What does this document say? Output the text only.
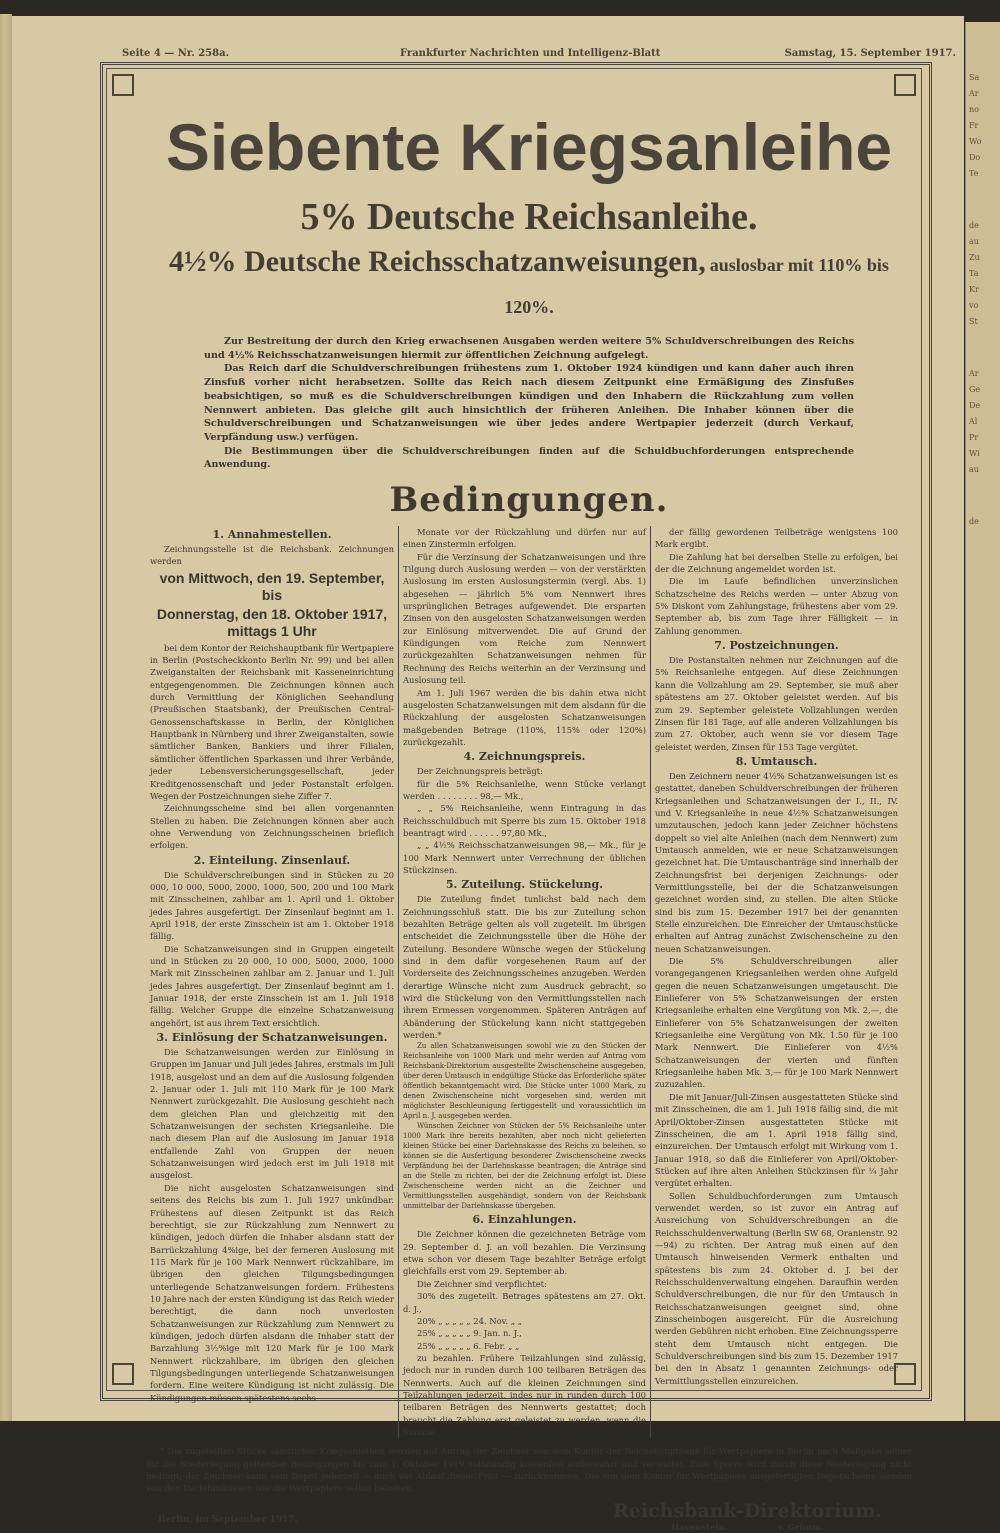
Sa
Ar
no
Fr
Wo
Do
Te
de
au
Zu
Ta
Kr
vo
St
Ar
Ge
De
Al
Pr
Wi
au
de
Seite 4 — Nr. 258a.	Frankfurter Nachrichten und Intelligenz-Blatt	Samstag, 15. September 1917.
Siebente Kriegsanleihe
5% Deutsche Reichsanleihe.
4½% Deutsche Reichsschatzanweisungen, auslosbar mit 110% bis 120%.

Zur Bestreitung der durch den Krieg erwachsenen Ausgaben werden weitere 5% Schuldverschreibungen des Reichs und 4½% Reichsschatzanweisungen hiermit zur öffentlichen Zeichnung aufgelegt.

Das Reich darf die Schuldverschreibungen frühestens zum 1. Oktober 1924 kündigen und kann daher auch ihren Zinsfuß vorher nicht herabsetzen. Sollte das Reich nach diesem Zeitpunkt eine Ermäßigung des Zinsfußes beabsichtigen, so muß es die Schuldverschreibungen kündigen und den Inhabern die Rückzahlung zum vollen Nennwert anbieten. Das gleiche gilt auch hinsichtlich der früheren Anleihen. Die Inhaber können über die Schuldverschreibungen und Schatzanweisungen wie über jedes andere Wertpapier jederzeit (durch Verkauf, Verpfändung usw.) verfügen.

Die Bestimmungen über die Schuldverschreibungen finden auf die Schuldbuchforderungen entsprechende Anwendung.

Bedingungen.
1. Annahmestellen.

Zeichnungsstelle ist die Reichsbank. Zeichnungen werden

von Mittwoch, den 19. September, bis

Donnerstag, den 18. Oktober 1917, mittags 1 Uhr

bei dem Kontor der Reichshauptbank für Wertpapiere in Berlin (Postscheckkonto Berlin Nr. 99) und bei allen Zweiganstalten der Reichsbank mit Kasseneinrichtung entgegengenommen. Die Zeichnungen können auch durch Vermittlung der Königlichen Seehandlung (Preußischen Staatsbank), der Preußischen Central-Genossenschaftskasse in Berlin, der Königlichen Hauptbank in Nürnberg und ihrer Zweiganstalten, sowie sämtlicher Banken, Bankiers und ihrer Filialen, sämtlicher öffentlichen Sparkassen und ihrer Verbände, jeder Lebensversicherungsgesellschaft, jeder Kreditgenossenschaft und jeder Postanstalt erfolgen. Wegen der Postzeichnungen siehe Ziffer 7.

Zeichnungsscheine sind bei allen vorgenannten Stellen zu haben. Die Zeichnungen können aber auch ohne Verwendung von Zeichnungsscheinen brieflich erfolgen.

2. Einteilung. Zinsenlauf.

Die Schuldverschreibungen sind in Stücken zu 20 000, 10 000, 5000, 2000, 1000, 500, 200 und 100 Mark mit Zinsscheinen, zahlbar am 1. April und 1. Oktober jedes Jahres ausgefertigt. Der Zinsenlauf beginnt am 1. April 1918, der erste Zinsschein ist am 1. Oktober 1918 fällig.

Die Schatzanweisungen sind in Gruppen eingeteilt und in Stücken zu 20 000, 10 000, 5000, 2000, 1000 Mark mit Zinsscheinen zahlbar am 2. Januar und 1. Juli jedes Jahres ausgefertigt. Der Zinsenlauf beginnt am 1. Januar 1918, der erste Zinsschein ist am 1. Juli 1918 fällig. Welcher Gruppe die einzelne Schatzanweisung angehört, ist aus ihrem Text ersichtlich.

3. Einlösung der Schatzanweisungen.

Die Schatzanweisungen werden zur Einlösung in Gruppen im Januar und Juli jedes Jahres, erstmals im Juli 1918, ausgelost und an dem auf die Auslosung folgenden 2. Januar oder 1. Juli mit 110 Mark für je 100 Mark Nennwert zurückgezahlt. Die Auslosung geschieht nach dem gleichen Plan und gleichzeitig mit den Schatzanweisungen der sechsten Kriegsanleihe. Die nach diesem Plan auf die Auslosung im Januar 1918 entfallende Zahl von Gruppen der neuen Schatzanweisungen wird jedoch erst im Juli 1918 mit ausgelost.

Die nicht ausgelosten Schatzanweisungen sind seitens des Reichs bis zum 1. Juli 1927 unkündbar. Frühestens auf diesen Zeitpunkt ist das Reich berechtigt, sie zur Rückzahlung zum Nennwert zu kündigen, jedoch dürfen die Inhaber alsdann statt der Barrückzahlung 4%ige, bei der ferneren Auslosung mit 115 Mark für je 100 Mark Nennwert rückzahlbare, im übrigen den gleichen Tilgungsbedingungen unterliegende Schatzanweisungen fordern. Frühestens 10 Jahre nach der ersten Kündigung ist das Reich wieder berechtigt, die dann noch unverlosten Schatzanweisungen zur Rückzahlung zum Nennwert zu kündigen, jedoch dürfen alsdann die Inhaber statt der Barzahlung 3½%ige mit 120 Mark für je 100 Mark Nennwert rückzahlbare, im übrigen den gleichen Tilgungsbedingungen unterliegende Schatzanweisungen fordern. Eine weitere Kündigung ist nicht zulässig. Die Kündigungen müssen spätestens sechs

Monate vor der Rückzahlung und dürfen nur auf einen Zinstermin erfolgen.

Für die Verzinsung der Schatzanweisungen und ihre Tilgung durch Auslosung werden — von der verstärkten Auslosung im ersten Auslosungstermin (vergl. Abs. 1) abgesehen — jährlich 5% vom Nennwert ihres ursprünglichen Betrages aufgewendet. Die ersparten Zinsen von den ausgelosten Schatzanweisungen werden zur Einlösung mitverwendet. Die auf Grund der Kündigungen vom Reiche zum Nennwert zurückgezahlten Schatzanweisungen nehmen für Rechnung des Reichs weiterhin an der Verzinsung und Auslosung teil.

Am 1. Juli 1967 werden die bis dahin etwa nicht ausgelosten Schatzanweisungen mit dem alsdann für die Rückzahlung der ausgelosten Schatzanweisungen maßgebenden Betrage (110%, 115% oder 120%) zurückgezahlt.

4. Zeichnungspreis.

Der Zeichnungspreis beträgt:

für die 5% Reichsanleihe, wenn Stücke verlangt werden . . . . . . . . 98,— Mk.,

„ „ 5% Reichsanleihe, wenn Eintragung in das Reichsschuldbuch mit Sperre bis zum 15. Oktober 1918 beantragt wird . . . . . . 97,80 Mk.,

„ „ 4½% Reichsschatzanweisungen 98,— Mk., für je 100 Mark Nennwert unter Verrechnung der üblichen Stückzinsen.

5. Zuteilung. Stückelung.

Die Zuteilung findet tunlichst bald nach dem Zeichnungsschluß statt. Die bis zur Zuteilung schon bezahlten Beträge gelten als voll zugeteilt. Im übrigen entscheidet die Zeichnungsstelle über die Höhe der Zuteilung. Besondere Wünsche wegen der Stückelung sind in dem dafür vorgesehenen Raum auf der Vorderseite des Zeichnungsscheines anzugeben. Werden derartige Wünsche nicht zum Ausdruck gebracht, so wird die Stückelung von den Vermittlungsstellen nach ihrem Ermessen vorgenommen. Späteren Anträgen auf Abänderung der Stückelung kann nicht stattgegeben werden.*

Zu allen Schatzanweisungen sowohl wie zu den Stücken der Reichsanleihe von 1000 Mark und mehr werden auf Antrag vom Reichsbank-Direktorium ausgestellte Zwischenscheine ausgegeben, über deren Umtausch in endgültige Stücke das Erforderliche später öffentlich bekanntgemacht wird. Die Stücke unter 1000 Mark, zu denen Zwischenscheine nicht vorgesehen sind, werden mit möglichster Beschleunigung fertiggestellt und voraussichtlich im April n. J. ausgegeben werden.

Wünschen Zeichner von Stücken der 5% Reichsanleihe unter 1000 Mark ihre bereits bezahlten, aber noch nicht gelieferten kleinen Stücke bei einer Darlehnskasse des Reichs zu beleihen, so können sie die Ausfertigung besonderer Zwischenscheine zwecks Verpfändung bei der Darlehnskasse beantragen; die Anträge sind an die Stelle zu richten, bei der die Zeichnung erfolgt ist. Diese Zwischenscheine werden nicht an die Zeichner und Vermittlungsstellen ausgehändigt, sondern von der Reichsbank unmittelbar der Darlehnskasse übergeben.

6. Einzahlungen.

Die Zeichner können die gezeichneten Beträge vom 29. September d. J. an voll bezahlen. Die Verzinsung etwa schon vor diesem Tage bezahlter Beträge erfolgt gleichfalls erst vom 29. September ab.

Die Zeichner sind verpflichtet:

30% des zugeteilt. Betrages spätestens am 27. Okt. d. J.,

20% „ „ „ „ „ 24. Nov. „ „

25% „ „ „ „ „ 9. Jan. n. J.,

25% „ „ „ „ „ 6. Febr. „ „

zu bezahlen. Frühere Teilzahlungen sind zulässig, jedoch nur in runden durch 100 teilbaren Beträgen des Nennwerts. Auch auf die kleinen Zeichnungen sind Teilzahlungen jederzeit, indes nur in runden durch 100 teilbaren Beträgen des Nennwerts gestattet; doch braucht die Zahlung erst geleistet zu werden, wenn die Summe

der fällig gewordenen Teilbeträge wenigstens 100 Mark ergibt.

Die Zahlung hat bei derselben Stelle zu erfolgen, bei der die Zeichnung angemeldet worden ist.

Die im Laufe befindlichen unverzinslichen Schatzscheine des Reichs werden — unter Abzug von 5% Diskont vom Zahlungstage, frühestens aber vom 29. September ab, bis zum Tage ihrer Fälligkeit — in Zahlung genommen.

7. Postzeichnungen.

Die Postanstalten nehmen nur Zeichnungen auf die 5% Reichsanleihe entgegen. Auf diese Zeichnungen kann die Vollzahlung am 29. September, sie muß aber spätestens am 27. Oktober geleistet werden. Auf bis zum 29. September geleistete Vollzahlungen werden Zinsen für 181 Tage, auf alle anderen Vollzahlungen bis zum 27. Oktober, auch wenn sie vor diesem Tage geleistet werden, Zinsen für 153 Tage vergütet.

8. Umtausch.

Den Zeichnern neuer 4½% Schatzanweisungen ist es gestattet, daneben Schuldverschreibungen der früheren Kriegsanleihen und Schatzanweisungen der I., II., IV. und V. Kriegsanleihe in neue 4½% Schatzanweisungen umzutauschen, jedoch kann jeder Zeichner höchstens doppelt so viel alte Anleihen (nach dem Nennwert) zum Umtausch anmelden, wie er neue Schatzanweisungen gezeichnet hat. Die Umtauschanträge sind innerhalb der Zeichnungsfrist bei derjenigen Zeichnungs- oder Vermittlungsstelle, bei der die Schatzanweisungen gezeichnet worden sind, zu stellen. Die alten Stücke sind bis zum 15. Dezember 1917 bei der genannten Stelle einzureichen. Die Einreicher der Umtauschstücke erhalten auf Antrag zunächst Zwischenscheine zu den neuen Schatzanweisungen.

Die 5% Schuldverschreibungen aller vorangegangenen Kriegsanleihen werden ohne Aufgeld gegen die neuen Schatzanweisungen umgetauscht. Die Einlieferer von 5% Schatzanweisungen der ersten Kriegsanleihe erhalten eine Vergütung von Mk. 2,—, die Einlieferer von 5% Schatzanweisungen der zweiten Kriegsanleihe eine Vergütung von Mk. 1.50 für je 100 Mark Nennwert. Die Einlieferer von 4½% Schatzanweisungen der vierten und fünften Kriegsanleihe haben Mk. 3,— für je 100 Mark Nennwert zuzuzahlen.

Die mit Januar/Juli-Zinsen ausgestatteten Stücke sind mit Zinsscheinen, die am 1. Juli 1918 fällig sind, die mit April/Oktober-Zinsen ausgestatteten Stücke mit Zinsscheinen, die am 1. April 1918 fällig sind, einzureichen. Der Umtausch erfolgt mit Wirkung vom 1. Januar 1918, so daß die Einlieferer von April/Oktober-Stücken auf ihre alten Anleihen Stückzinsen für ¼ Jahr vergütet erhalten.

Sollen Schuldbuchforderungen zum Umtausch verwendet werden, so ist zuvor ein Antrag auf Ausreichung von Schuldverschreibungen an die Reichsschuldenverwaltung (Berlin SW 68, Oranienstr. 92—94) zu richten. Der Antrag muß einen auf den Umtausch hinweisenden Vermerk enthalten und spätestens bis zum 24. Oktober d. J. bei der Reichsschuldenverwaltung eingehen. Daraufhin werden Schuldverschreibungen, die nur für den Umtausch in Reichsschatzanweisungen geeignet sind, ohne Zinsscheinbogen ausgereicht. Für die Ausreichung werden Gebühren nicht erhoben. Eine Zeichnungssperre steht dem Umtausch nicht entgegen. Die Schuldverschreibungen sind bis zum 15. Dezember 1917 bei den in Absatz 1 genannten Zeichnungs- oder Vermittlungsstellen einzureichen.

* Die zugeteilten Stücke sämtlicher Kriegsanleihen werden auf Antrag der Zeichner von dem Kontor der Reichshauptbank für Wertpapiere in Berlin nach Maßgabe seiner für die Niederlegung geltenden Bedingungen bis zum 1. Oktober 1919 vollständig kostenfrei aufbewahrt und verwaltet. Eine Sperre wird durch diese Niederlegung nicht bedingt; der Zeichner kann sein Depot jederzeit — auch vor Ablauf dieser Frist — zurücknehmen. Die von dem Kontor für Wertpapiere ausgefertigten Depotscheine werden von den Darlehnskassen wie die Wertpapiere selbst beliehen.

Berlin, im September 1917.	Reichsbank-Direktorium.
Havenstein.	v. Grimm.
